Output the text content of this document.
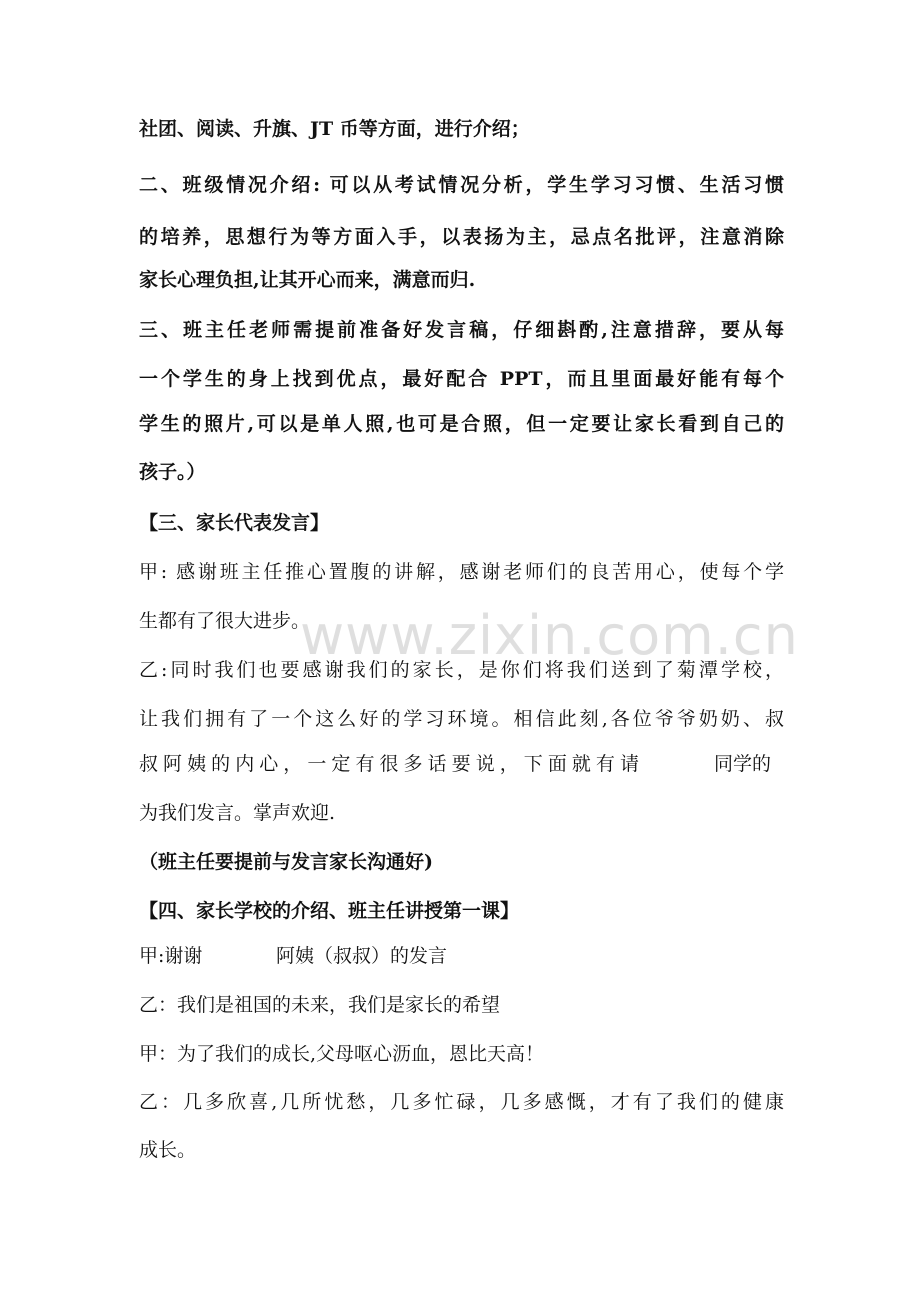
www.zixin.com.cn
社团、阅读、升旗、JT 币等方面，进行介绍；
二、班级情况介绍: 可以从考试情况分析，学生学习习惯、生活习惯
的培养，思想行为等方面入手，以表扬为主，忌点名批评，注意消除
家长心理负担,让其开心而来，满意而归.
三、班主任老师需提前准备好发言稿，仔细斟酌,注意措辞，要从每
一个学生的身上找到优点，最好配合 PPT，而且里面最好能有每个
学生的照片,可以是单人照,也可是合照，但一定要让家长看到自己的
孩子。）
【三、家长代表发言】
甲: 感谢班主任推心置腹的讲解，感谢老师们的良苦用心，使每个学
生都有了很大进步。
乙:同时我们也要感谢我们的家长，是你们将我们送到了菊潭学校，
让我们拥有了一个这么好的学习环境。相信此刻,各位爷爷奶奶、叔
叔阿姨的内心，一定有很多话要说，下面就有请	同学的
为我们发言。掌声欢迎.
（班主任要提前与发言家长沟通好)
【四、家长学校的介绍、班主任讲授第一课】
甲:谢谢	阿姨（叔叔）的发言
乙：我们是祖国的未来，我们是家长的希望
甲：为了我们的成长,父母呕心沥血，恩比天高！
乙：几多欣喜,几所忧愁，几多忙碌，几多感慨，才有了我们的健康
成长。
